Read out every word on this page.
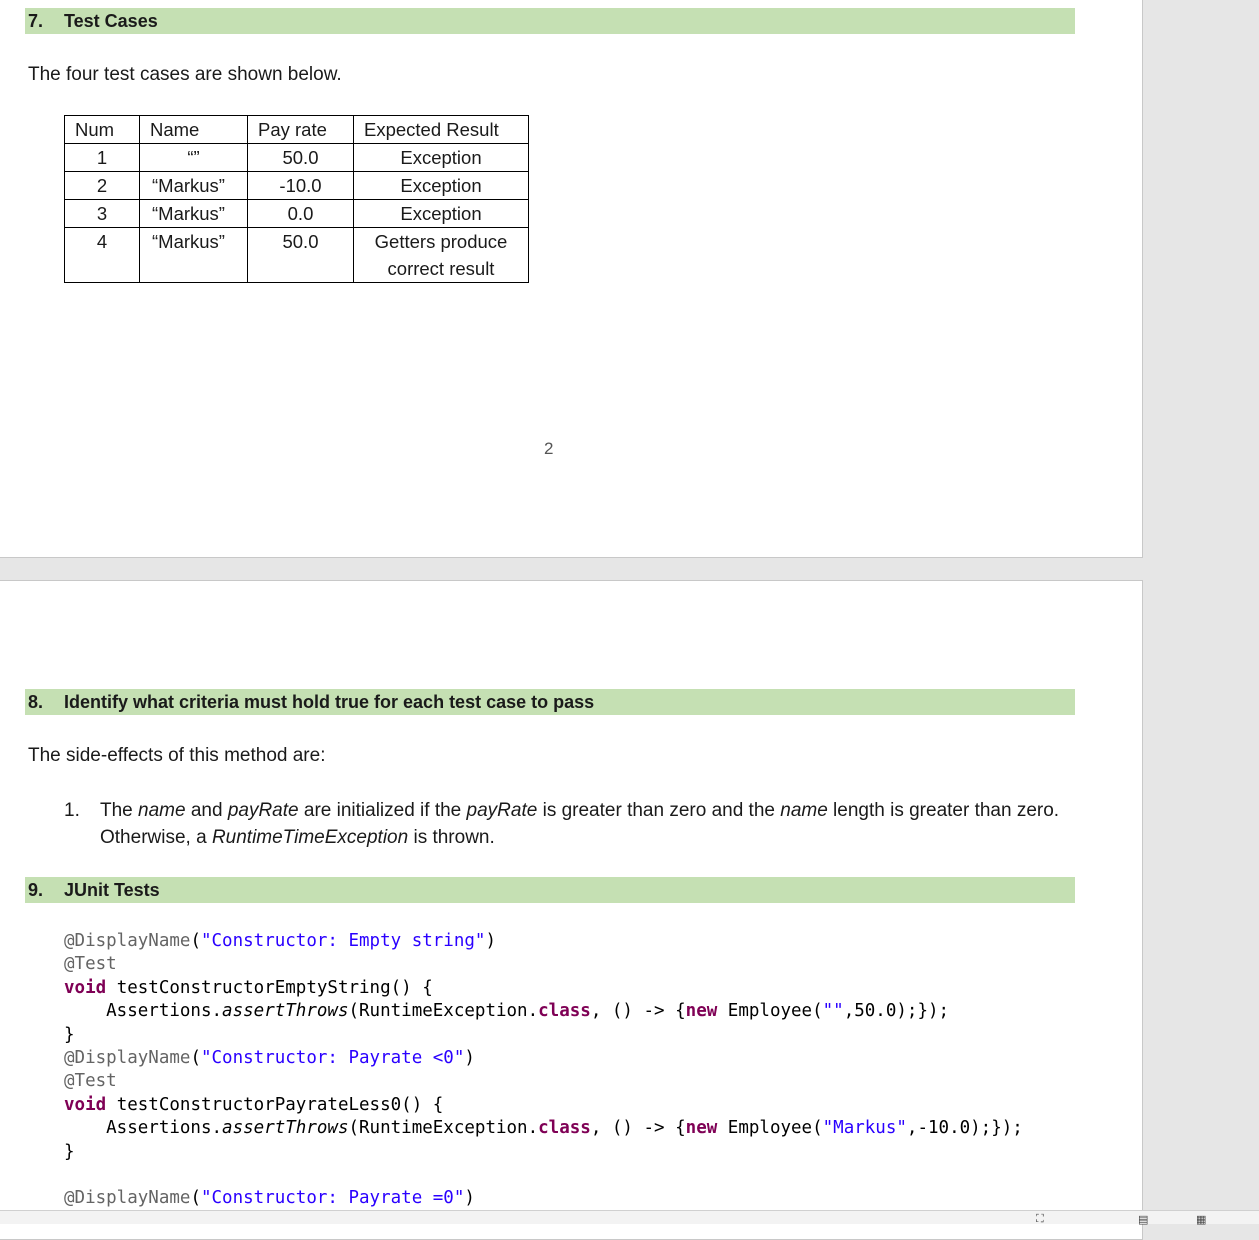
7. Test Cases
The four test cases are shown below.
Num	Name	Pay rate	Expected Result
1	“”	50.0	Exception
2	“Markus”	-10.0	Exception
3	“Markus”	0.0	Exception
4	“Markus”	50.0	Getters produce correct result
2
8. Identify what criteria must hold true for each test case to pass
The side-effects of this method are:
1. The name and payRate are initialized if the payRate is greater than zero and the name length is greater than zero. Otherwise, a RuntimeTimeException is thrown.
9. JUnit Tests
@DisplayName("Constructor: Empty string")
@Test
void testConstructorEmptyString() {
Assertions.assertThrows(RuntimeException.class, () -> {new Employee("",50.0);});
}
@DisplayName("Constructor: Payrate <0")
@Test
void testConstructorPayrateLess0() {
Assertions.assertThrows(RuntimeException.class, () -> {new Employee("Markus",-10.0);});
}

@DisplayName("Constructor: Payrate =0")
⛶	▤	▦
